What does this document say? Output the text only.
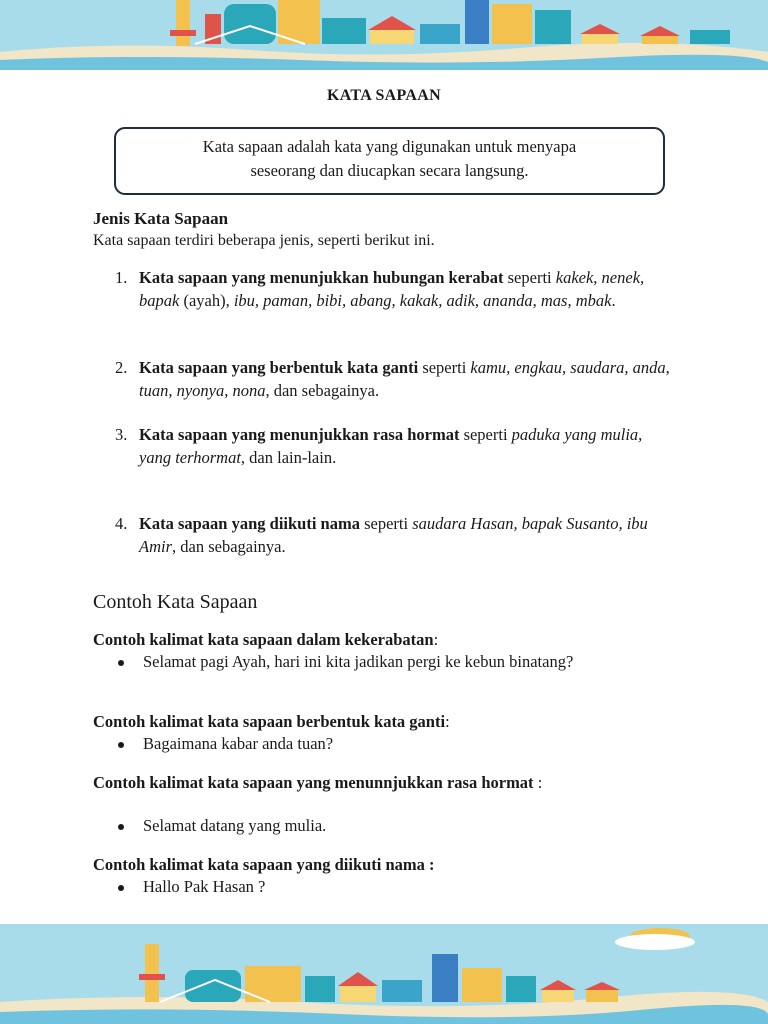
KATA SAPAAN
Kata sapaan adalah kata yang digunakan untuk menyapa
seseorang dan diucapkan secara langsung.
Jenis Kata Sapaan
Kata sapaan terdiri beberapa jenis, seperti berikut ini.
1. Kata sapaan yang menunjukkan hubungan kerabat seperti kakek, nenek, bapak (ayah), ibu, paman, bibi, abang, kakak, adik, ananda, mas, mbak.
2. Kata sapaan yang berbentuk kata ganti seperti kamu, engkau, saudara, anda, tuan, nyonya, nona, dan sebagainya.
3. Kata sapaan yang menunjukkan rasa hormat seperti paduka yang mulia, yang terhormat, dan lain-lain.
4. Kata sapaan yang diikuti nama seperti saudara Hasan, bapak Susanto, ibu Amir, dan sebagainya.
Contoh Kata Sapaan
Contoh kalimat kata sapaan dalam kekerabatan:
Selamat pagi Ayah, hari ini kita jadikan pergi ke kebun binatang?
Contoh kalimat kata sapaan berbentuk kata ganti:
Bagaimana kabar anda tuan?
Contoh kalimat kata sapaan yang menunnjukkan rasa hormat :
Selamat datang yang mulia.
Contoh kalimat kata sapaan yang diikuti nama :
Hallo Pak Hasan ?
